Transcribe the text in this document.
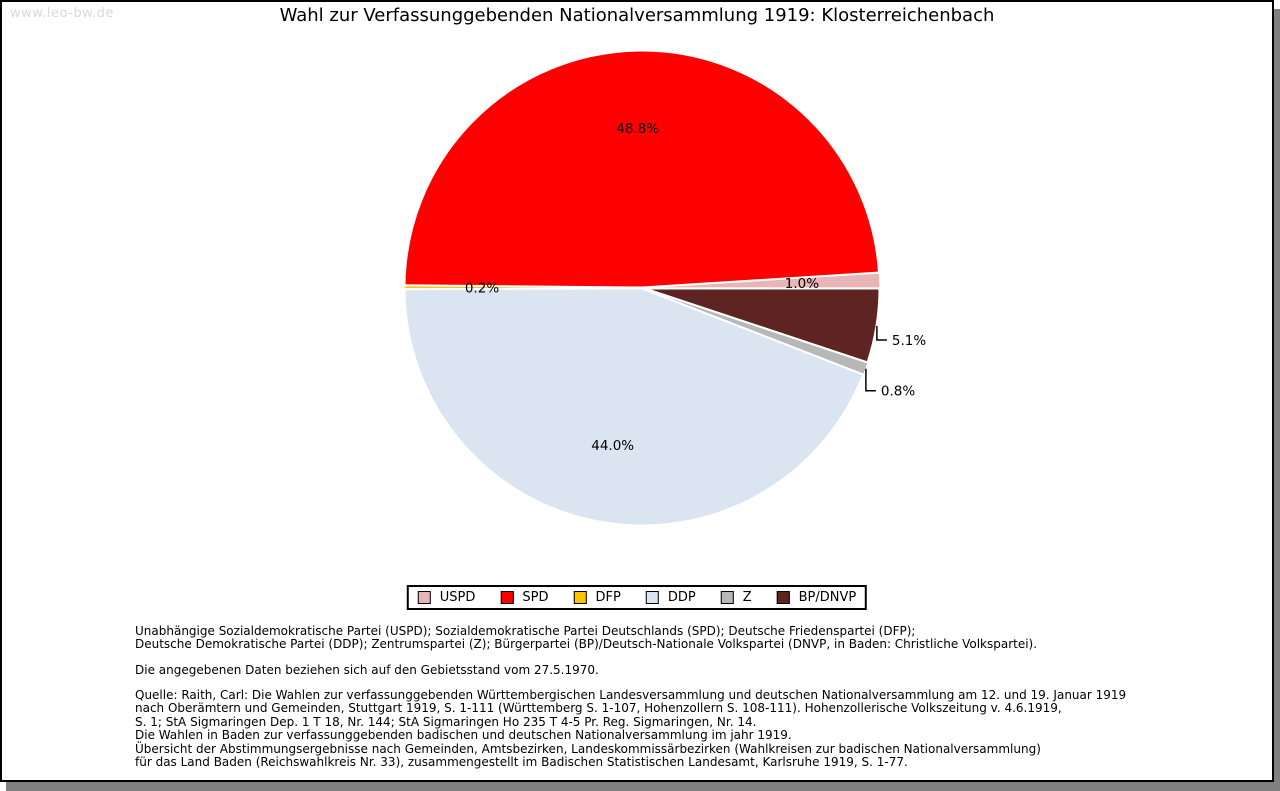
www.leo-bw.de	Wahl zur Verfassunggebenden Nationalversammlung 1919: Klosterreichenbach
1.0%
48.8%
0.2%
44.0%
0.8%
5.1%
USPD	SPD	DFP	DDP	Z	BP/DNVP
Unabhängige Sozialdemokratische Partei (USPD); Sozialdemokratische Partei Deutschlands (SPD); Deutsche Friedenspartei (DFP);
Deutsche Demokratische Partei (DDP); Zentrumspartei (Z); Bürgerpartei (BP)/Deutsch-Nationale Volkspartei (DNVP, in Baden: Christliche Volkspartei).
Die angegebenen Daten beziehen sich auf den Gebietsstand vom 27.5.1970.
Quelle: Raith, Carl: Die Wahlen zur verfassunggebenden Württembergischen Landesversammlung und deutschen Nationalversammlung am 12. und 19. Januar 1919
nach Oberämtern und Gemeinden, Stuttgart 1919, S. 1-111 (Württemberg S. 1-107, Hohenzollern S. 108-111). Hohenzollerische Volkszeitung v. 4.6.1919,
S. 1; StA Sigmaringen Dep. 1 T 18, Nr. 144; StA Sigmaringen Ho 235 T 4-5 Pr. Reg. Sigmaringen, Nr. 14.
Die Wahlen in Baden zur verfassunggebenden badischen und deutschen Nationalversammlung im jahr 1919.
Übersicht der Abstimmungsergebnisse nach Gemeinden, Amtsbezirken, Landeskommissärbezirken (Wahlkreisen zur badischen Nationalversammlung)
für das Land Baden (Reichswahlkreis Nr. 33), zusammengestellt im Badischen Statistischen Landesamt, Karlsruhe 1919, S. 1-77.
